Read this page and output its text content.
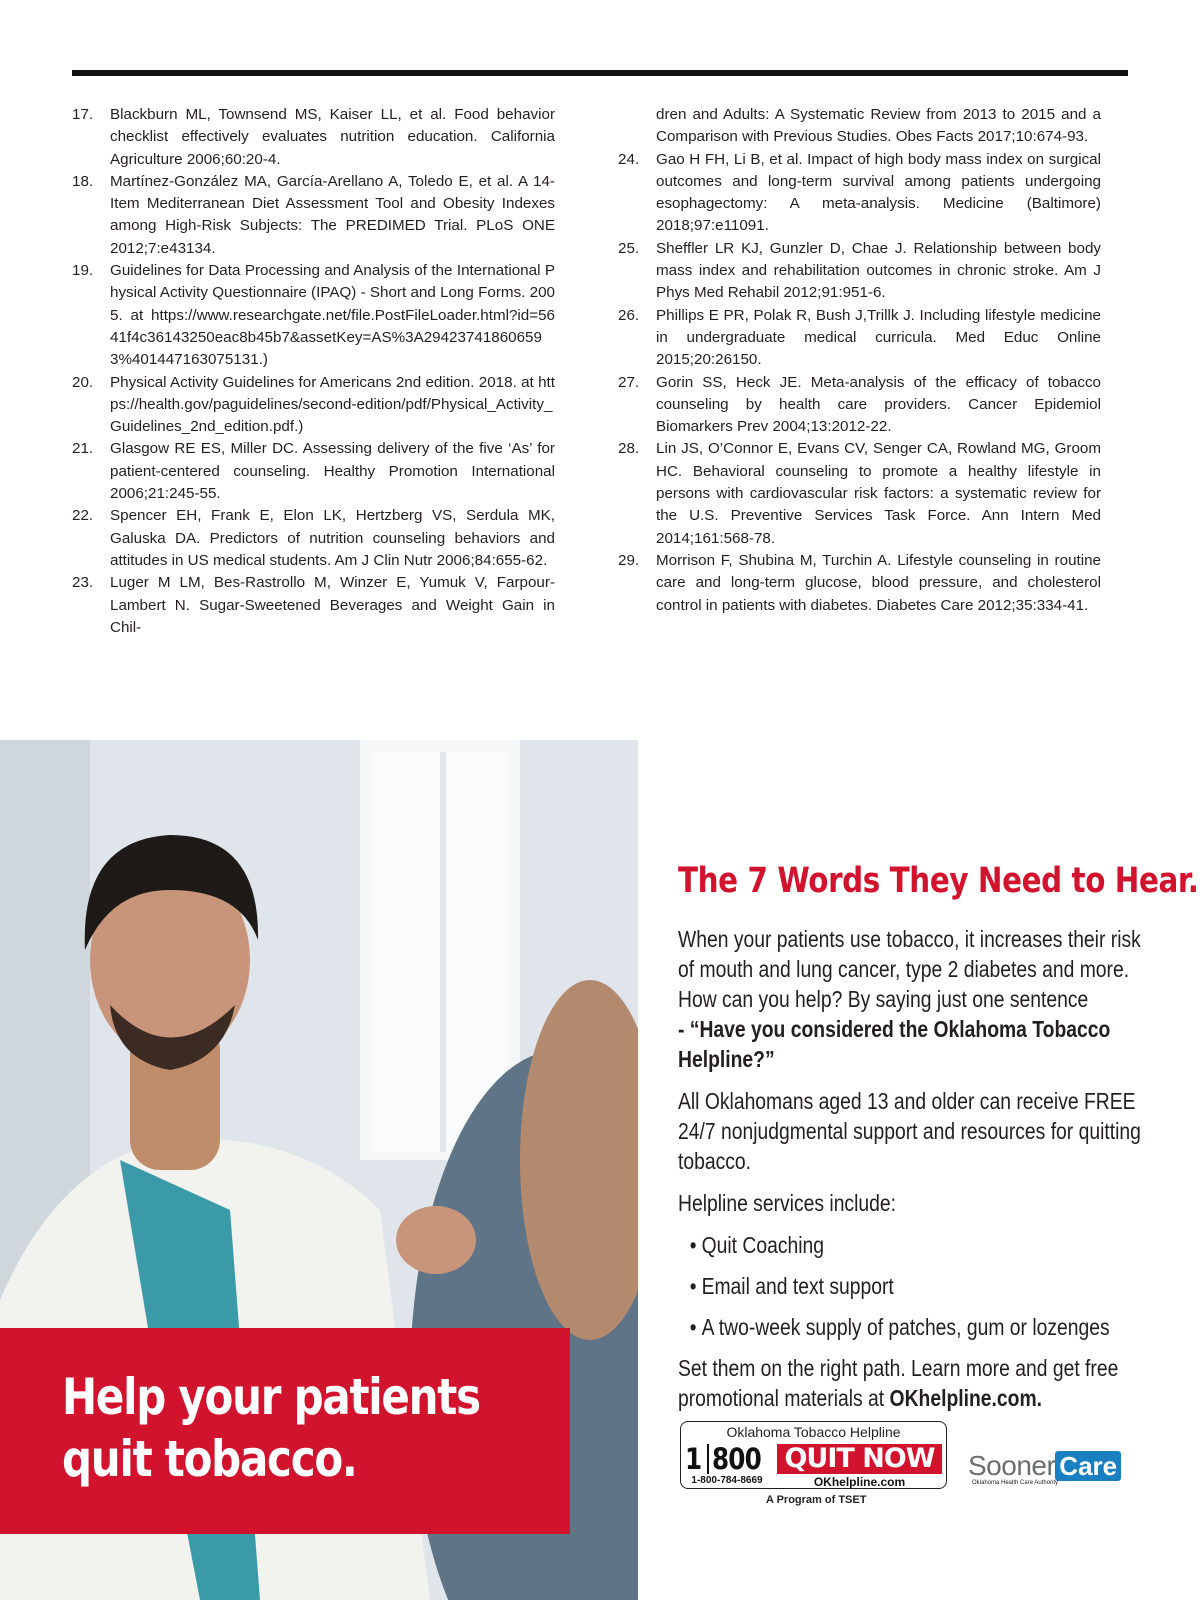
17.	Blackburn ML, Townsend MS, Kaiser LL, et al. Food behavior checklist effectively evaluates nutrition education. California Agriculture 2006;60:20-4.
18.	Martínez-González MA, García-Arellano A, Toledo E, et al. A 14-Item Mediterranean Diet Assessment Tool and Obesity Indexes among High-Risk Subjects: The PREDIMED Trial. PLoS ONE 2012;7:e43134.
19.	Guidelines for Data Processing and Analysis of the International Physical Activity Questionnaire (IPAQ) - Short and Long Forms. 2005. at https://www.researchgate.net/file.PostFileLoader.html?id=5641f4c36143250eac8b45b7&assetKey=AS%3A294237418606593%401447163075131.)
20.	Physical Activity Guidelines for Americans 2nd edition. 2018. at https://health.gov/paguidelines/second-edition/pdf/Physical_Activity_Guidelines_2nd_edition.pdf.)
21.	Glasgow RE ES, Miller DC. Assessing delivery of the five ‘As’ for patient-centered counseling. Healthy Promotion International 2006;21:245-55.
22.	Spencer EH, Frank E, Elon LK, Hertzberg VS, Serdula MK, Galuska DA. Predictors of nutrition counseling behaviors and attitudes in US medical students. Am J Clin Nutr 2006;84:655-62.
23.	Luger M LM, Bes-Rastrollo M, Winzer E, Yumuk V, Farpour-Lambert N. Sugar-Sweetened Beverages and Weight Gain in Chil-
dren and Adults: A Systematic Review from 2013 to 2015 and a Comparison with Previous Studies. Obes Facts 2017;10:674-93.
24.	Gao H FH, Li B, et al. Impact of high body mass index on surgical outcomes and long-term survival among patients undergoing esophagectomy: A meta-analysis. Medicine (Baltimore) 2018;97:e11091.
25.	Sheffler LR KJ, Gunzler D, Chae J. Relationship between body mass index and rehabilitation outcomes in chronic stroke. Am J Phys Med Rehabil 2012;91:951-6.
26.	Phillips E PR, Polak R, Bush J,Trillk J. Including lifestyle medicine in undergraduate medical curricula. Med Educ Online 2015;20:26150.
27.	Gorin SS, Heck JE. Meta-analysis of the efficacy of tobacco counseling by health care providers. Cancer Epidemiol Biomarkers Prev 2004;13:2012-22.
28.	Lin JS, O’Connor E, Evans CV, Senger CA, Rowland MG, Groom HC. Behavioral counseling to promote a healthy lifestyle in persons with cardiovascular risk factors: a systematic review for the U.S. Preventive Services Task Force. Ann Intern Med 2014;161:568-78.
29.	Morrison F, Shubina M, Turchin A. Lifestyle counseling in routine care and long-term glucose, blood pressure, and cholesterol control in patients with diabetes. Diabetes Care 2012;35:334-41.
Help your patients
quit tobacco.
The 7 Words They Need to Hear.

When your patients use tobacco, it increases their risk of mouth and lung cancer, type 2 diabetes and more. How can you help? By saying just one sentence
- “Have you considered the Oklahoma Tobacco Helpline?”

All Oklahomans aged 13 and older can receive FREE 24/7 nonjudgmental support and resources for quitting tobacco.

Helpline services include:

• Quit Coaching
• Email and text support
• A two-week supply of patches, gum or lozenges

Set them on the right path. Learn more and get free promotional materials at OKhelpline.com.

Oklahoma Tobacco Helpline
1 800 QUIT NOW
1-800-784-8669	OKhelpline.com
A Program of TSET
Sooner Care
Oklahoma Health Care Authority
